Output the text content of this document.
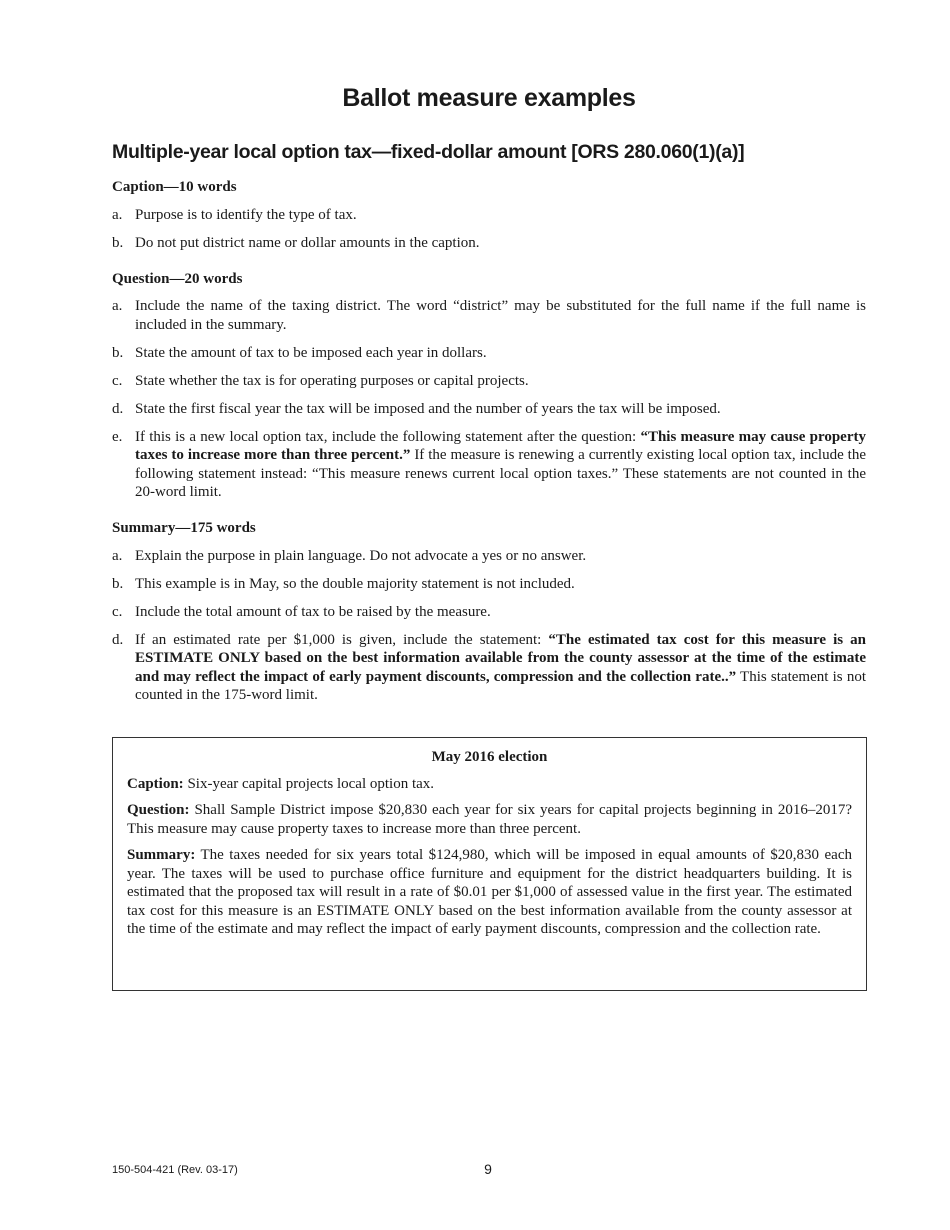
Ballot measure examples
Multiple-year local option tax—fixed-dollar amount [ORS 280.060(1)(a)]

Caption—10 words

a. Purpose is to identify the type of tax.
b. Do not put district name or dollar amounts in the caption.

Question—20 words

a. Include the name of the taxing district. The word “district” may be substituted for the full name if the full name is included in the summary.
b. State the amount of tax to be imposed each year in dollars.
c. State whether the tax is for operating purposes or capital projects.
d. State the first fiscal year the tax will be imposed and the number of years the tax will be imposed.
e. If this is a new local option tax, include the following statement after the question: “This measure may cause property taxes to increase more than three percent.” If the measure is renewing a currently existing local option tax, include the following statement instead: “This measure renews current local option taxes.” These statements are not counted in the 20-word limit.

Summary—175 words

a. Explain the purpose in plain language. Do not advocate a yes or no answer.
b. This example is in May, so the double majority statement is not included.
c. Include the total amount of tax to be raised by the measure.
d. If an estimated rate per $1,000 is given, include the statement: “The estimated tax cost for this measure is an ESTIMATE ONLY based on the best information available from the county assessor at the time of the estimate and may reflect the impact of early payment discounts, compression and the collection rate..” This statement is not counted in the 175-word limit.

May 2016 election

Caption: Six-year capital projects local option tax.

Question: Shall Sample District impose $20,830 each year for six years for capital projects beginning in 2016–2017? This measure may cause property taxes to increase more than three percent.

Summary: The taxes needed for six years total $124,980, which will be imposed in equal amounts of $20,830 each year. The taxes will be used to purchase office furniture and equipment for the district headquarters building. It is estimated that the proposed tax will result in a rate of $0.01 per $1,000 of assessed value in the first year. The estimated tax cost for this measure is an ESTIMATE ONLY based on the best information available from the county assessor at the time of the estimate and may reflect the impact of early payment discounts, compression and the collection rate.

150-504-421 (Rev. 03-17)	9
